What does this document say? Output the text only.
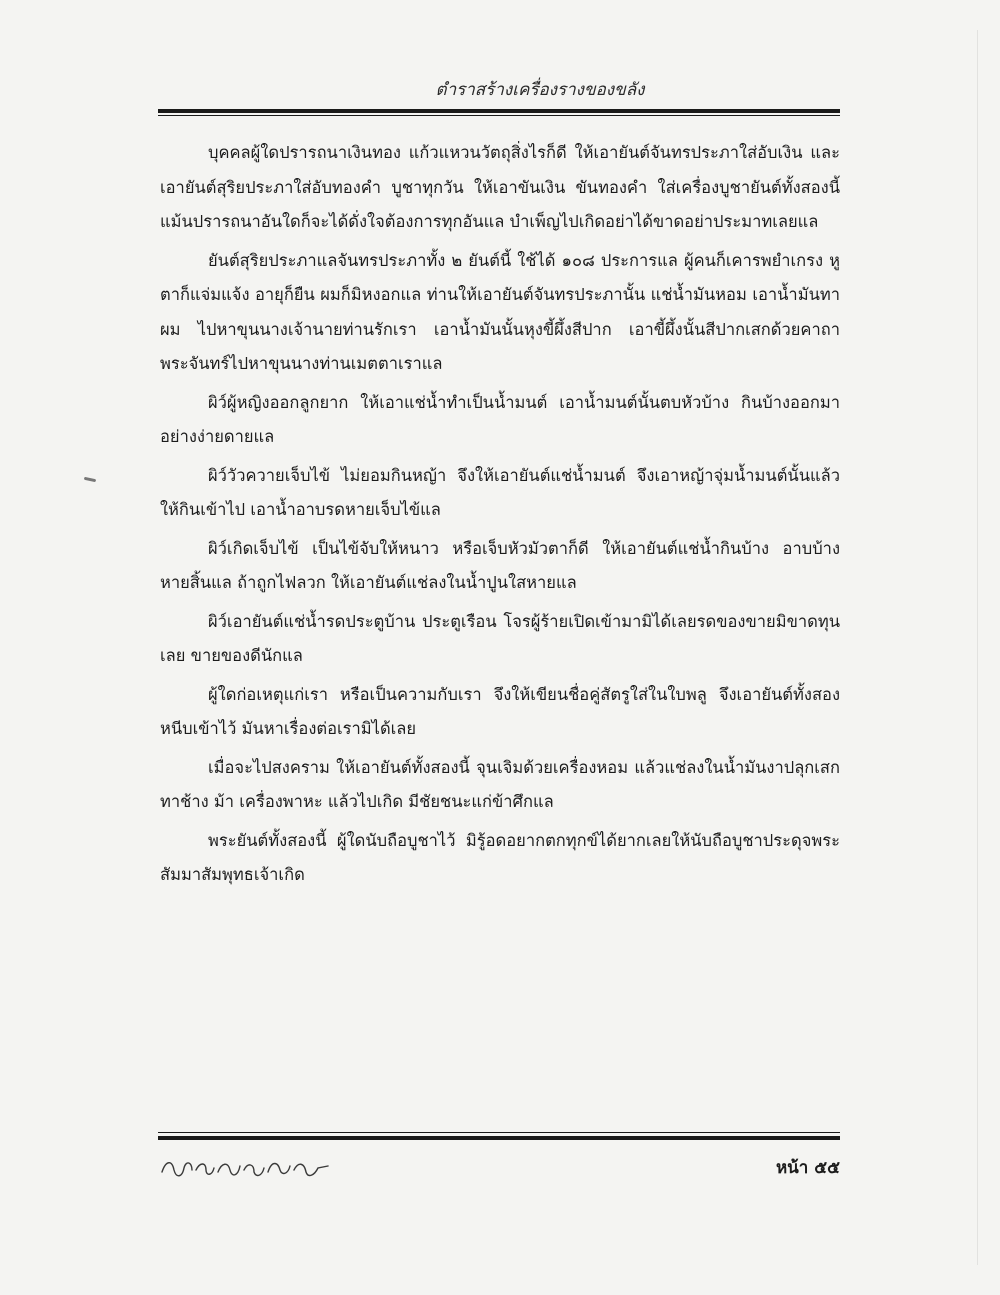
ตำราสร้างเครื่องรางของขลัง

บุคคลผู้ใดปรารถนาเงินทอง แก้วแหวนวัตถุสิ่งไรก็ดี ให้เอายันต์จันทรประภาใส่อับเงิน และเอายันต์สุริยประภาใส่อับทองคำ บูชาทุกวัน ให้เอาขันเงิน ขันทองคำ ใส่เครื่องบูชายันต์ทั้งสองนี้ แม้นปรารถนาอันใดก็จะได้ดั่งใจต้องการทุกอันแล บำเพ็ญไปเกิดอย่าได้ขาดอย่าประมาทเลยแล

ยันต์สุริยประภาแลจันทรประภาทั้ง ๒ ยันต์นี้ ใช้ได้ ๑๐๘ ประการแล ผู้คนก็เคารพยำเกรง หูตาก็แจ่มแจ้ง อายุก็ยืน ผมก็มิหงอกแล ท่านให้เอายันต์จันทรประภานั้น แช่น้ำมันหอม เอาน้ำมันทาผม ไปหาขุนนางเจ้านายท่านรักเรา เอาน้ำมันนั้นหุงขี้ผึ้งสีปาก เอาขี้ผึ้งนั้นสีปากเสกด้วยคาถาพระจันทร์ไปหาขุนนางท่านเมตตาเราแล

ผิว์ผู้หญิงออกลูกยาก ให้เอาแช่น้ำทำเป็นน้ำมนต์ เอาน้ำมนต์นั้นตบหัวบ้าง กินบ้างออกมาอย่างง่ายดายแล

ผิว์วัวควายเจ็บไข้ ไม่ยอมกินหญ้า จึงให้เอายันต์แช่น้ำมนต์ จึงเอาหญ้าจุ่มน้ำมนต์นั้นแล้วให้กินเข้าไป เอาน้ำอาบรดหายเจ็บไข้แล

ผิว์เกิดเจ็บไข้ เป็นไข้จับให้หนาว หรือเจ็บหัวมัวตาก็ดี ให้เอายันต์แช่น้ำกินบ้าง อาบบ้าง หายสิ้นแล ถ้าถูกไฟลวก ให้เอายันต์แช่ลงในน้ำปูนใสหายแล

ผิว์เอายันต์แช่น้ำรดประตูบ้าน ประตูเรือน โจรผู้ร้ายเปิดเข้ามามิได้เลยรดของขายมิขาดทุนเลย ขายของดีนักแล

ผู้ใดก่อเหตุแก่เรา หรือเป็นความกับเรา จึงให้เขียนชื่อคู่สัตรูใส่ในใบพลู จึงเอายันต์ทั้งสองหนีบเข้าไว้ มันหาเรื่องต่อเรามิได้เลย

เมื่อจะไปสงคราม ให้เอายันต์ทั้งสองนี้ จุนเจิมด้วยเครื่องหอม แล้วแช่ลงในน้ำมันงาปลุกเสกทาช้าง ม้า เครื่องพาหะ แล้วไปเกิด มีชัยชนะแก่ข้าศึกแล

พระยันต์ทั้งสองนี้ ผู้ใดนับถือบูชาไว้ มิรู้อดอยากตกทุกข์ได้ยากเลยให้นับถือบูชาประดุจพระสัมมาสัมพุทธเจ้าเกิด

หน้า ๕๕
